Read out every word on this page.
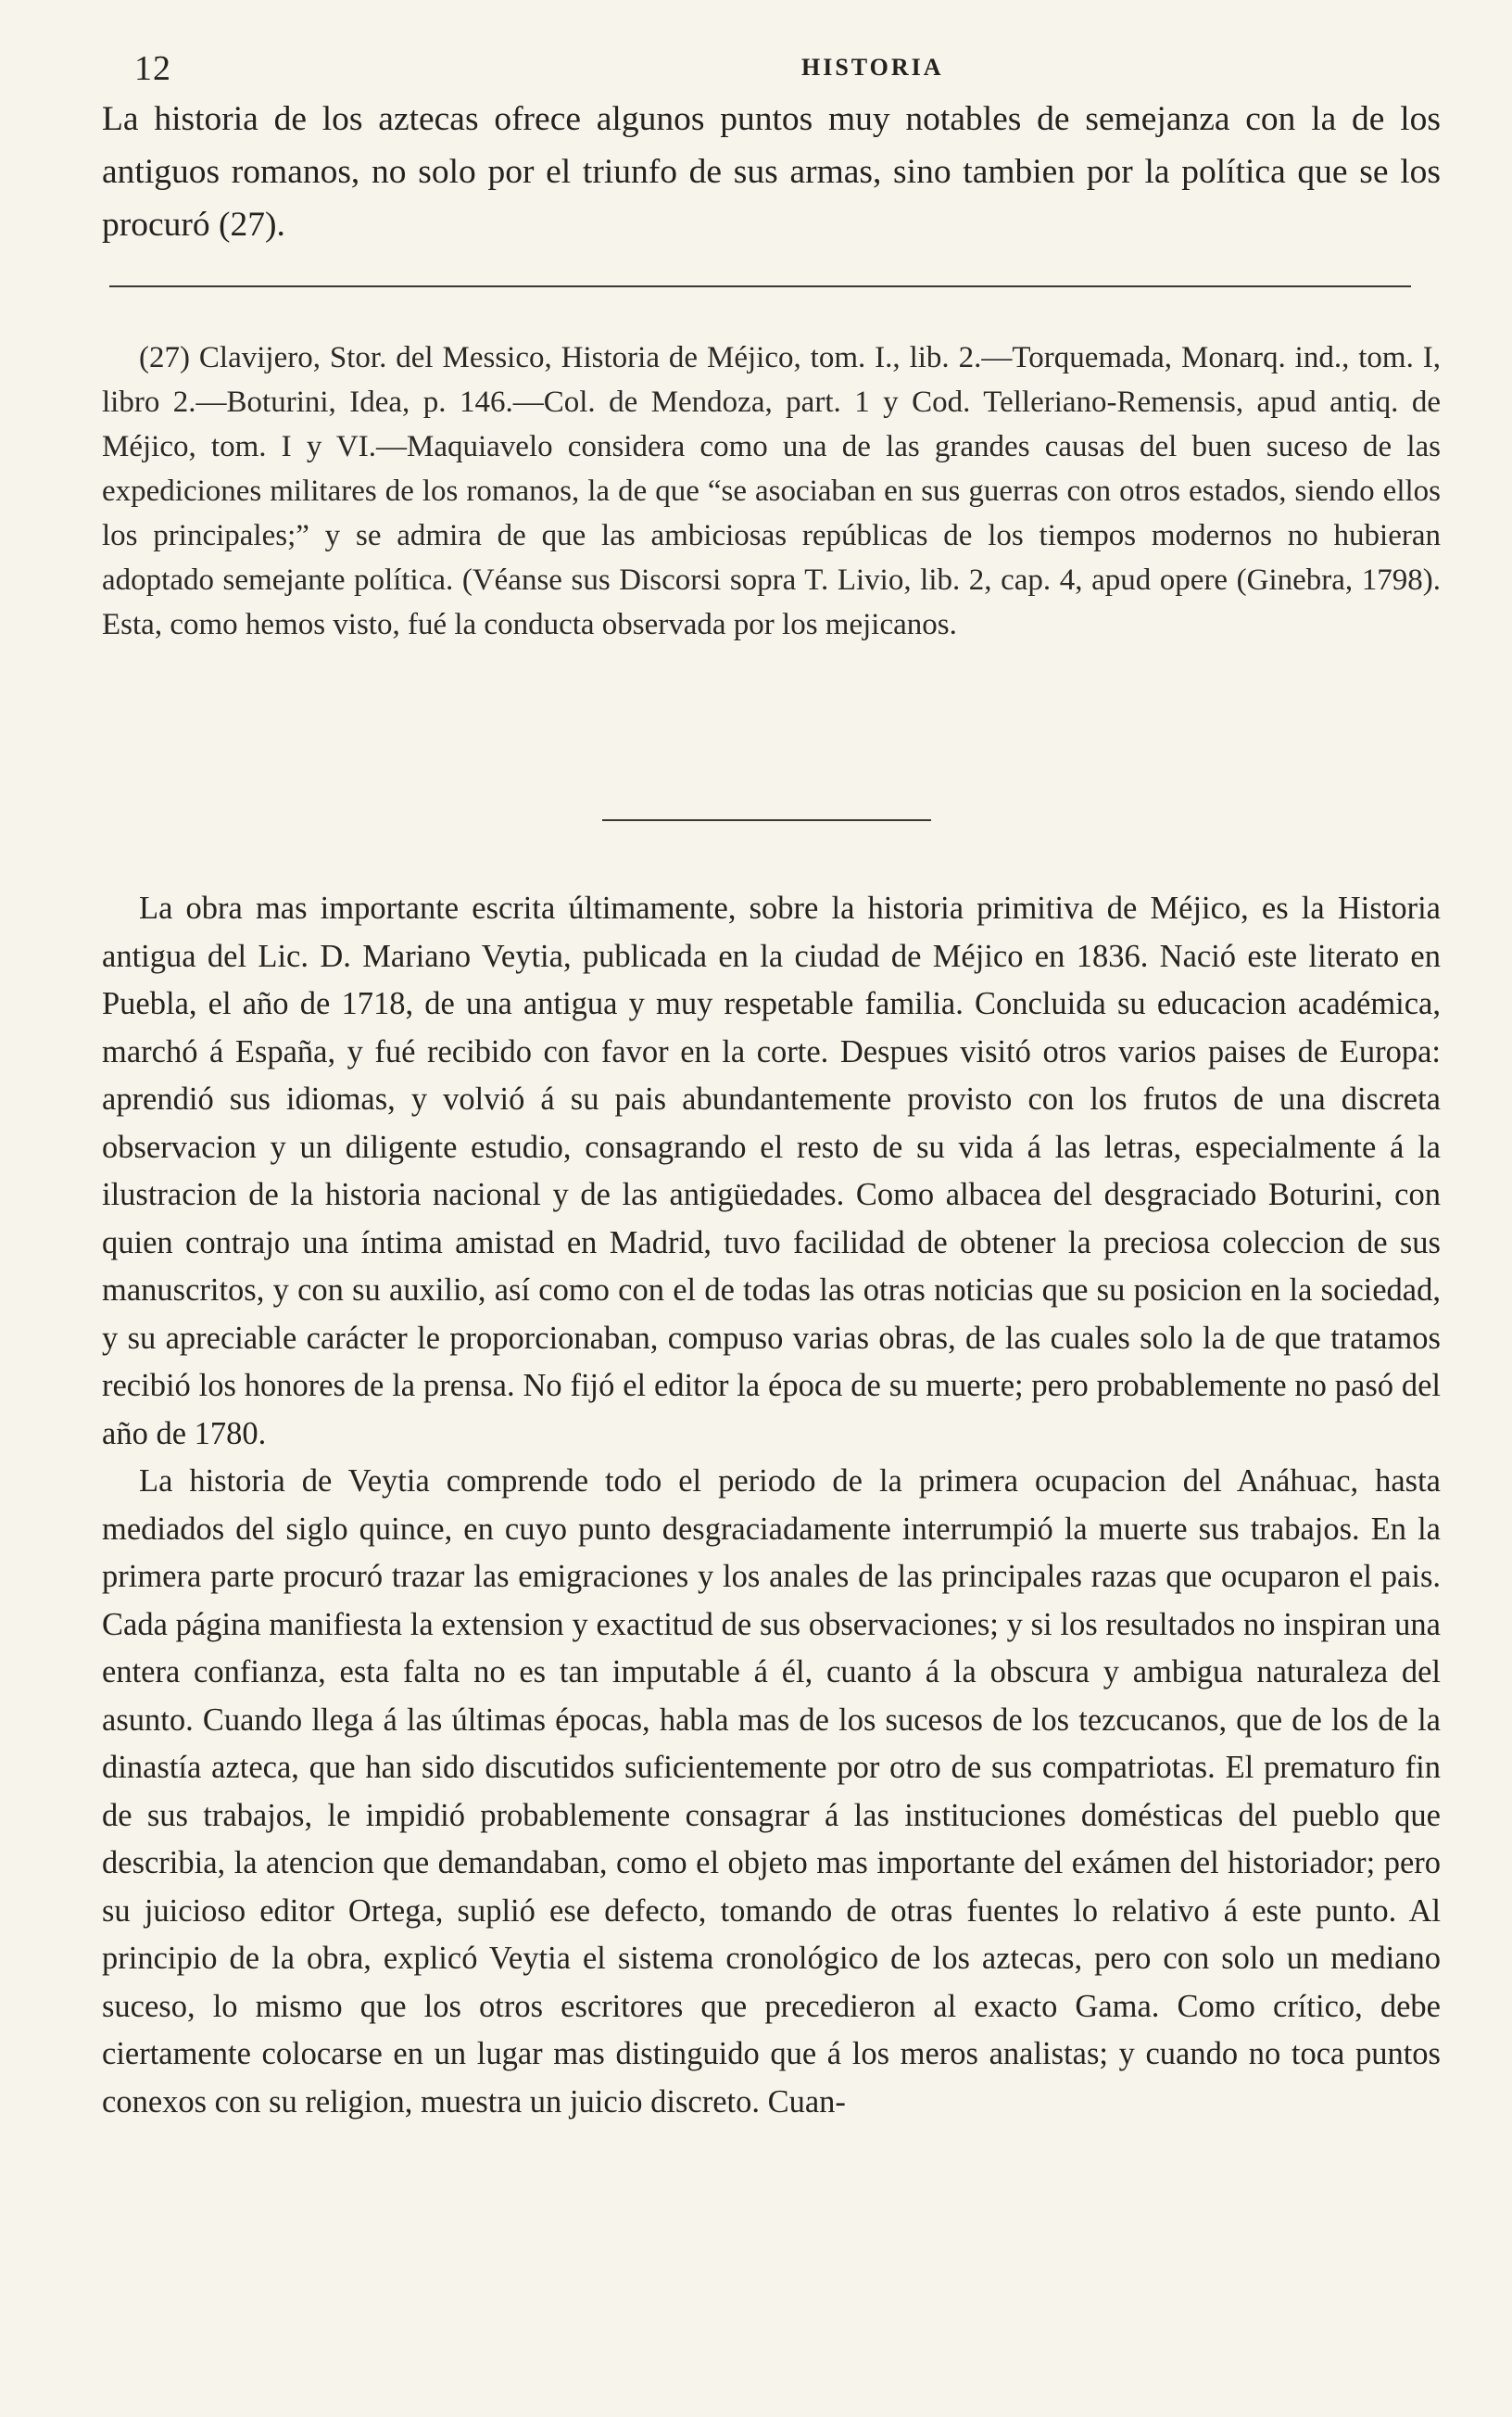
12	HISTORIA
La historia de los aztecas ofrece algunos puntos muy notables de semejanza con la de los antiguos romanos, no solo por el triunfo de sus armas, sino tambien por la política que se los procuró (27).
(27) Clavijero, Stor. del Messico, Historia de Méjico, tom. I., lib. 2.—Torquemada, Monarq. ind., tom. I, libro 2.—Boturini, Idea, p. 146.—Col. de Mendoza, part. 1 y Cod. Telleriano-Remensis, apud antiq. de Méjico, tom. I y VI.—Maquiavelo considera como una de las grandes causas del buen suceso de las expediciones militares de los romanos, la de que “se asociaban en sus guerras con otros estados, siendo ellos los principales;” y se admira de que las ambiciosas repúblicas de los tiempos modernos no hubieran adoptado semejante política. (Véanse sus Discorsi sopra T. Livio, lib. 2, cap. 4, apud opere (Ginebra, 1798). Esta, como hemos visto, fué la conducta observada por los mejicanos.

La obra mas importante escrita últimamente, sobre la historia primitiva de Méjico, es la Historia antigua del Lic. D. Mariano Veytia, publicada en la ciudad de Méjico en 1836. Nació este literato en Puebla, el año de 1718, de una antigua y muy respetable familia. Concluida su educacion académica, marchó á España, y fué recibido con favor en la corte. Despues visitó otros varios paises de Europa: aprendió sus idiomas, y volvió á su pais abundantemente provisto con los frutos de una discreta observacion y un diligente estudio, consagrando el resto de su vida á las letras, especialmente á la ilustracion de la historia nacional y de las antigüedades. Como albacea del desgraciado Boturini, con quien contrajo una íntima amistad en Madrid, tuvo facilidad de obtener la preciosa coleccion de sus manuscritos, y con su auxilio, así como con el de todas las otras noticias que su posicion en la sociedad, y su apreciable carácter le proporcionaban, compuso varias obras, de las cuales solo la de que tratamos recibió los honores de la prensa. No fijó el editor la época de su muerte; pero probablemente no pasó del año de 1780.

La historia de Veytia comprende todo el periodo de la primera ocupacion del Anáhuac, hasta mediados del siglo quince, en cuyo punto desgraciadamente interrumpió la muerte sus trabajos. En la primera parte procuró trazar las emigraciones y los anales de las principales razas que ocuparon el pais. Cada página manifiesta la extension y exactitud de sus observaciones; y si los resultados no inspiran una entera confianza, esta falta no es tan imputable á él, cuanto á la obscura y ambigua naturaleza del asunto. Cuando llega á las últimas épocas, habla mas de los sucesos de los tezcucanos, que de los de la dinastía azteca, que han sido discutidos suficientemente por otro de sus compatriotas. El prematuro fin de sus trabajos, le impidió probablemente consagrar á las instituciones domésticas del pueblo que describia, la atencion que demandaban, como el objeto mas importante del exámen del historiador; pero su juicioso editor Ortega, suplió ese defecto, tomando de otras fuentes lo relativo á este punto. Al principio de la obra, explicó Veytia el sistema cronológico de los aztecas, pero con solo un mediano suceso, lo mismo que los otros escritores que precedieron al exacto Gama. Como crítico, debe ciertamente colocarse en un lugar mas distinguido que á los meros analistas; y cuando no toca puntos conexos con su religion, muestra un juicio discreto. Cuan-
